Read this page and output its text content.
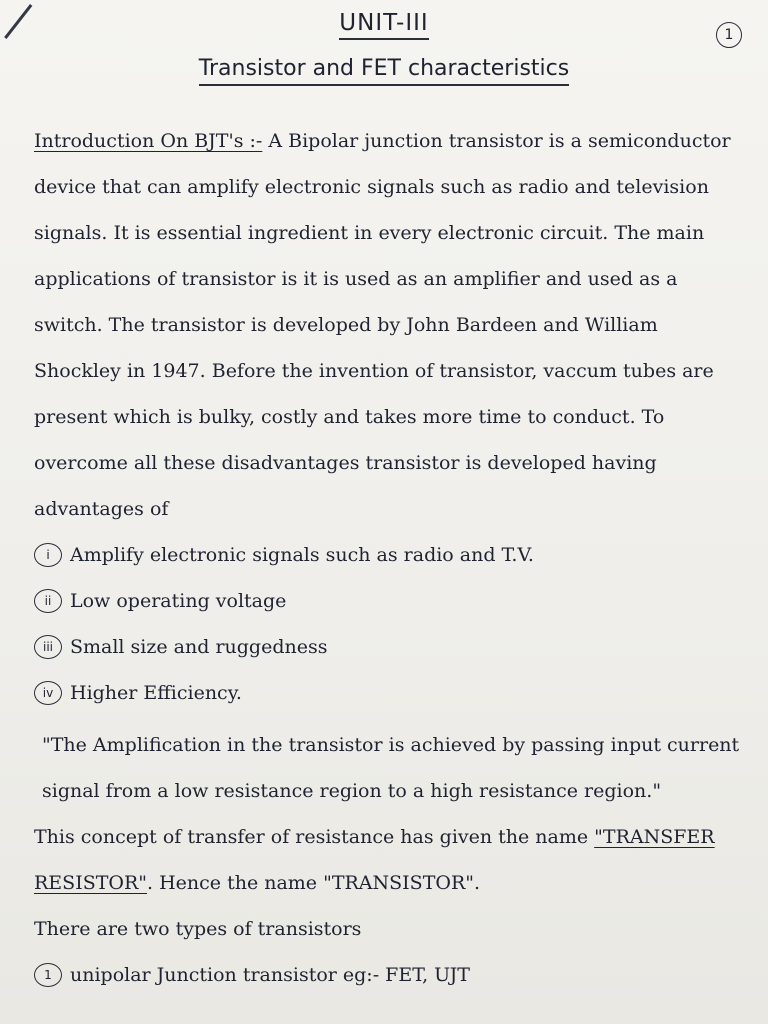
UNIT-III	1
Transistor and FET characteristics

Introduction On BJT's :- A Bipolar junction transistor is a semiconductor device that can amplify electronic signals such as radio and television signals. It is essential ingredient in every electronic circuit. The main applications of transistor is it is used as an amplifier and used as a switch. The transistor is developed by John Bardeen and William Shockley in 1947. Before the invention of transistor, vaccum tubes are present which is bulky, costly and takes more time to conduct. To overcome all these disadvantages transistor is developed having advantages of

i	Amplify electronic signals such as radio and T.V.
ii Low operating voltage
iii Small size and ruggedness
iv Higher Efficiency.

"The Amplification in the transistor is achieved by passing input current signal from a low resistance region to a high resistance region."

This concept of transfer of resistance has given the name "TRANSFER RESISTOR". Hence the name "TRANSISTOR".

There are two types of transistors
1 unipolar Junction transistor eg:- FET, UJT
